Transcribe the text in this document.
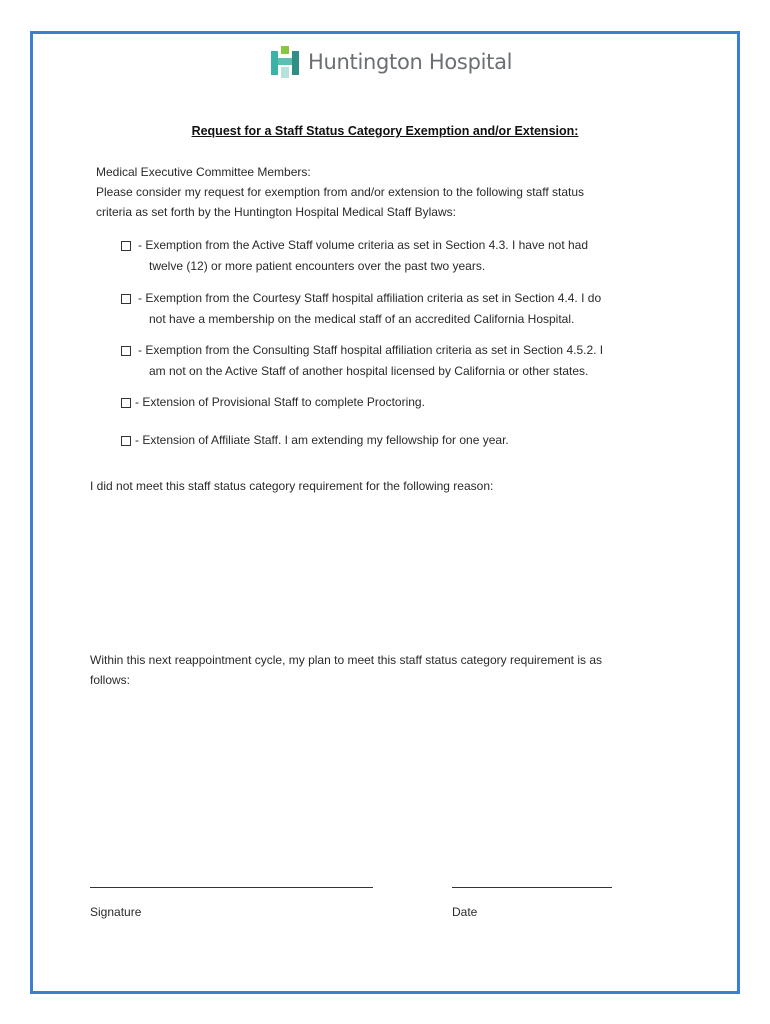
Huntington Hospital
Request for a Staff Status Category Exemption and/or Extension:
Medical Executive Committee Members:
Please consider my request for exemption from and/or extension to the following staff status
criteria as set forth by the Huntington Hospital Medical Staff Bylaws:
- Exemption from the Active Staff volume criteria as set in Section 4.3. I have not had
twelve (12) or more patient encounters over the past two years.
- Exemption from the Courtesy Staff hospital affiliation criteria as set in Section 4.4. I do
not have a membership on the medical staff of an accredited California Hospital.
- Exemption from the Consulting Staff hospital affiliation criteria as set in Section 4.5.2. I
am not on the Active Staff of another hospital licensed by California or other states.
- Extension of Provisional Staff to complete Proctoring.
- Extension of Affiliate Staff. I am extending my fellowship for one year.
I did not meet this staff status category requirement for the following reason:
Within this next reappointment cycle, my plan to meet this staff status category requirement is as
follows:
Signature	Date
